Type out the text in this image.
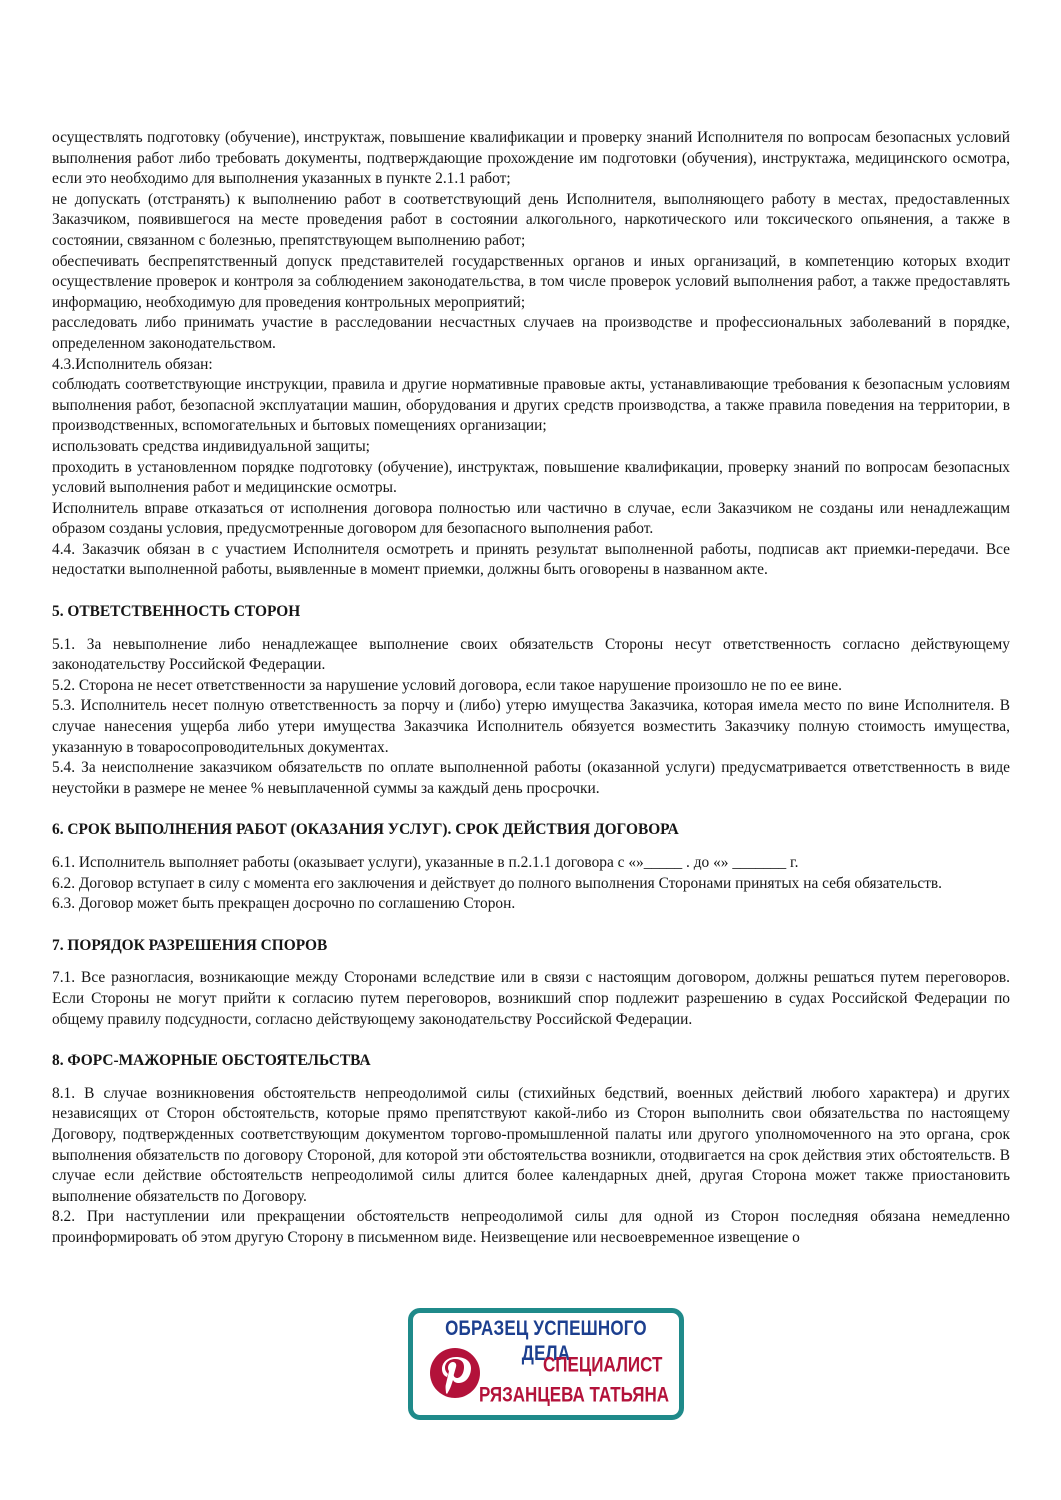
осуществлять подготовку (обучение), инструктаж, повышение квалификации и проверку знаний Исполнителя по вопросам безопасных условий выполнения работ либо требовать документы, подтверждающие прохождение им подготовки (обучения), инструктажа, медицинского осмотра, если это необходимо для выполнения указанных в пункте 2.1.1 работ;

не допускать (отстранять) к выполнению работ в соответствующий день Исполнителя, выполняющего работу в местах, предоставленных Заказчиком, появившегося на месте проведения работ в состоянии алкогольного, наркотического или токсического опьянения, а также в состоянии, связанном с болезнью, препятствующем выполнению работ;

обеспечивать беспрепятственный допуск представителей государственных органов и иных организаций, в компетенцию которых входит осуществление проверок и контроля за соблюдением законодательства, в том числе проверок условий выполнения работ, а также предоставлять информацию, необходимую для проведения контрольных мероприятий;

расследовать либо принимать участие в расследовании несчастных случаев на производстве и профессиональных заболеваний в порядке, определенном законодательством.

4.3.Исполнитель обязан:

соблюдать соответствующие инструкции, правила и другие нормативные правовые акты, устанавливающие требования к безопасным условиям выполнения работ, безопасной эксплуатации машин, оборудования и других средств производства, а также правила поведения на территории, в производственных, вспомогательных и бытовых помещениях организации;

использовать средства индивидуальной защиты;

проходить в установленном порядке подготовку (обучение), инструктаж, повышение квалификации, проверку знаний по вопросам безопасных условий выполнения работ и медицинские осмотры.

Исполнитель вправе отказаться от исполнения договора полностью или частично в случае, если Заказчиком не созданы или ненадлежащим образом созданы условия, предусмотренные договором для безопасного выполнения работ.

4.4. Заказчик обязан в с участием Исполнителя осмотреть и принять результат выполненной работы, подписав акт приемки-передачи. Все недостатки выполненной работы, выявленные в момент приемки, должны быть оговорены в названном акте.

5. ОТВЕТСТВЕННОСТЬ СТОРОН

5.1. За невыполнение либо ненадлежащее выполнение своих обязательств Стороны несут ответственность согласно действующему законодательству Российской Федерации.

5.2. Сторона не несет ответственности за нарушение условий договора, если такое нарушение произошло не по ее вине.

5.3. Исполнитель несет полную ответственность за порчу и (либо) утерю имущества Заказчика, которая имела место по вине Исполнителя. В случае нанесения ущерба либо утери имущества Заказчика Исполнитель обязуется возместить Заказчику полную стоимость имущества, указанную в товаросопроводительных документах.

5.4. За неисполнение заказчиком обязательств по оплате выполненной работы (оказанной услуги) предусматривается ответственность в виде неустойки в размере не менее % невыплаченной суммы за каждый день просрочки.

6. СРОК ВЫПОЛНЕНИЯ РАБОТ (ОКАЗАНИЯ УСЛУГ). СРОК ДЕЙСТВИЯ ДОГОВОРА

6.1. Исполнитель выполняет работы (оказывает услуги), указанные в п.2.1.1 договора с «»_____ . до «» _______ г.

6.2. Договор вступает в силу с момента его заключения и действует до полного выполнения Сторонами принятых на себя обязательств.

6.3. Договор может быть прекращен досрочно по соглашению Сторон.

7. ПОРЯДОК РАЗРЕШЕНИЯ СПОРОВ

7.1. Все разногласия, возникающие между Сторонами вследствие или в связи с настоящим договором, должны решаться путем переговоров. Если Стороны не могут прийти к согласию путем переговоров, возникший спор подлежит разрешению в судах Российской Федерации по общему правилу подсудности, согласно действующему законодательству Российской Федерации.

8. ФОРС-МАЖОРНЫЕ ОБСТОЯТЕЛЬСТВА

8.1. В случае возникновения обстоятельств непреодолимой силы (стихийных бедствий, военных действий любого характера) и других независящих от Сторон обстоятельств, которые прямо препятствуют какой-либо из Сторон выполнить свои обязательства по настоящему Договору, подтвержденных соответствующим документом торгово-промышленной палаты или другого уполномоченного на это органа, срок выполнения обязательств по договору Стороной, для которой эти обстоятельства возникли, отодвигается на срок действия этих обстоятельств. В случае если действие обстоятельств непреодолимой силы длится более календарных дней, другая Сторона может также приостановить выполнение обязательств по Договору.

8.2. При наступлении или прекращении обстоятельств непреодолимой силы для одной из Сторон последняя обязана немедленно проинформировать об этом другую Сторону в письменном виде. Неизвещение или несвоевременное извещение о

ОБРАЗЕЦ УСПЕШНОГО ДЕЛА
СПЕЦИАЛИСТ
РЯЗАНЦЕВА ТАТЬЯНА
